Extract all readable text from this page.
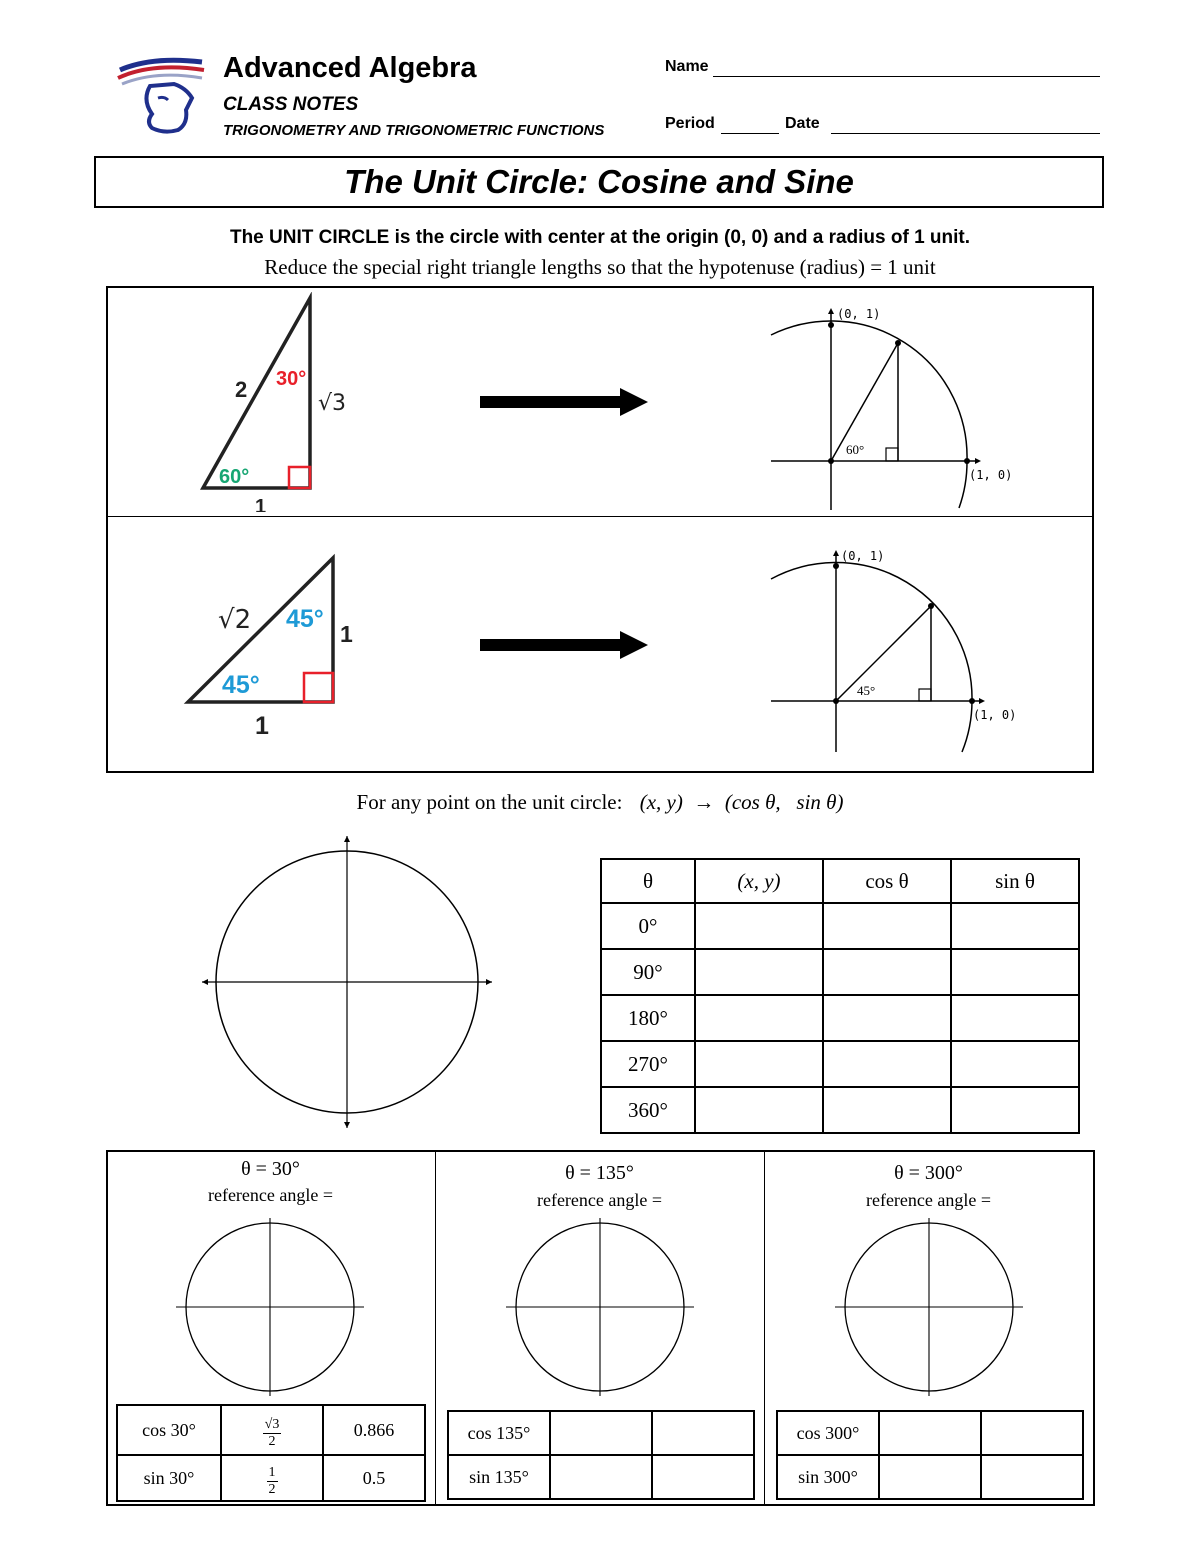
Advanced Algebra
CLASS NOTES
TRIGONOMETRY AND TRIGONOMETRIC FUNCTIONS
Name
Period	Date
The Unit Circle: Cosine and Sine
The UNIT CIRCLE is the circle with center at the origin (0, 0) and a radius of 1 unit.
Reduce the special right triangle lengths so that the hypotenuse (radius) = 1 unit
2 30°
√3
60°
1
60°
(0, 1)
(1, 0)
√2 45°
1
45°
1
45°
(0, 1)
(1, 0)
For any point on the unit circle: (x, y)  →  (cos θ,   sin θ)
θ	(x, y)	cos θ	sin θ
0°			
90°			
180°			
270°			
360°			
θ = 30°
reference angle =
cos 30°	$\frac{√3}{2}$	0.866
sin 30°	$\frac{1}{2}$	0.5
θ = 135°
reference angle =
cos 135°		
sin 135°		
θ = 300°
reference angle =
cos 300°		
sin 300°		
